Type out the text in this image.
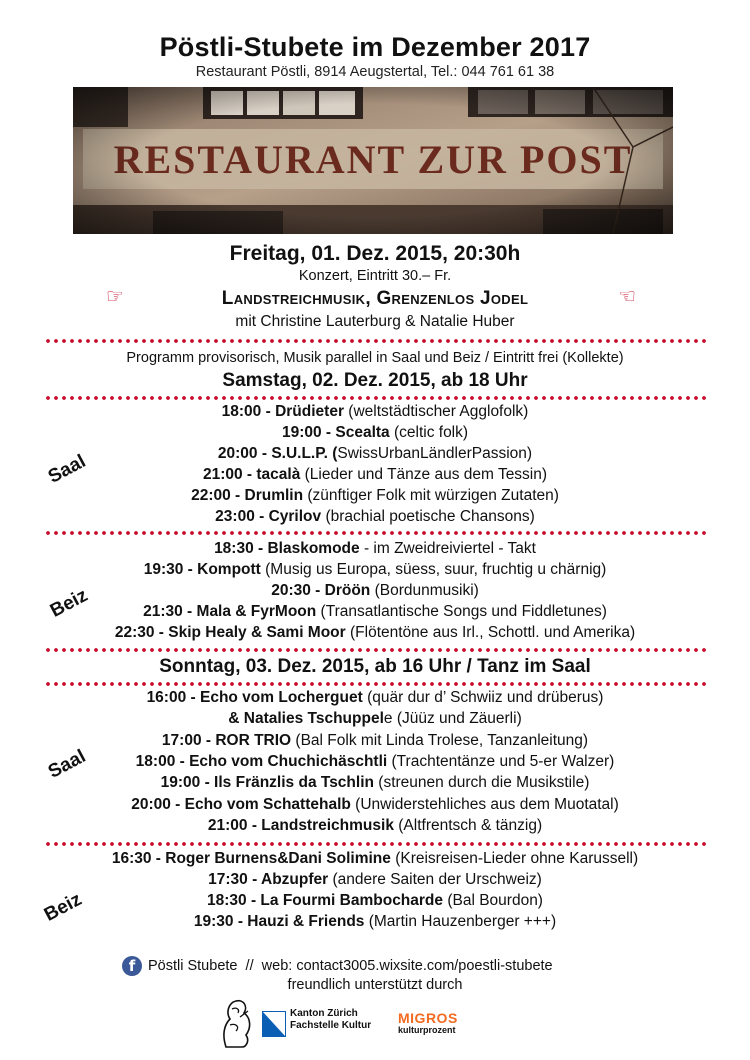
Pöstli-Stubete im Dezember 2017
Restaurant Pöstli, 8914 Aeugstertal, Tel.: 044 761 61 38
Freitag, 01. Dez. 2015, 20:30h
Konzert, Eintritt 30.– Fr.
☞	Landstreichmusik, Grenzenlos Jodel	☞
mit Christine Lauterburg & Natalie Huber
Programm provisorisch, Musik parallel in Saal und Beiz / Eintritt frei (Kollekte)
Samstag, 02. Dez. 2015, ab 18 Uhr
Saal
18:00 - Drüdieter (weltstädtischer Agglofolk)
19:00 - Scealta (celtic folk)
20:00 - S.U.L.P. (SwissUrbanLändlerPassion)
21:00 - tacalà (Lieder und Tänze aus dem Tessin)
22:00 - Drumlin (zünftiger Folk mit würzigen Zutaten)
23:00 - Cyrilov (brachial poetische Chansons)
Beiz
18:30 - Blaskomode - im Zweidreiviertel - Takt
19:30 - Kompott (Musig us Europa, süess, suur, fruchtig u chärnig)
20:30 - Dröön (Bordunmusiki)
21:30 - Mala & FyrMoon (Transatlantische Songs und Fiddletunes)
22:30 - Skip Healy & Sami Moor (Flötentöne aus Irl., Schottl. und Amerika)
Sonntag, 03. Dez. 2015, ab 16 Uhr / Tanz im Saal
Saal
16:00 - Echo vom Locherguet (quär dur d’ Schwiiz und drüberus)
& Natalies Tschuppele (Jüüz und Zäuerli)
17:00 - ROR TRIO (Bal Folk mit Linda Trolese, Tanzanleitung)
18:00 - Echo vom Chuchichäschtli (Trachtentänze und 5-er Walzer)
19:00 - Ils Fränzlis da Tschlin (streunen durch die Musikstile)
20:00 - Echo vom Schattehalb (Unwiderstehliches aus dem Muotatal)
21:00 - Landstreichmusik (Altfrentsch & tänzig)
Beiz
16:30 - Roger Burnens&Dani Solimine (Kreisreisen-Lieder ohne Karussell)
17:30 - Abzupfer (andere Saiten der Urschweiz)
18:30 - La Fourmi Bambocharde (Bal Bourdon)
19:30 - Hauzi & Friends (Martin Hauzenberger +++)
f Pöstli Stubete  //  web: contact3005.wixsite.com/poestli-stubete
freundlich unterstützt durch
Kanton Zürich
Fachstelle Kultur MIGROS
kulturprozent
